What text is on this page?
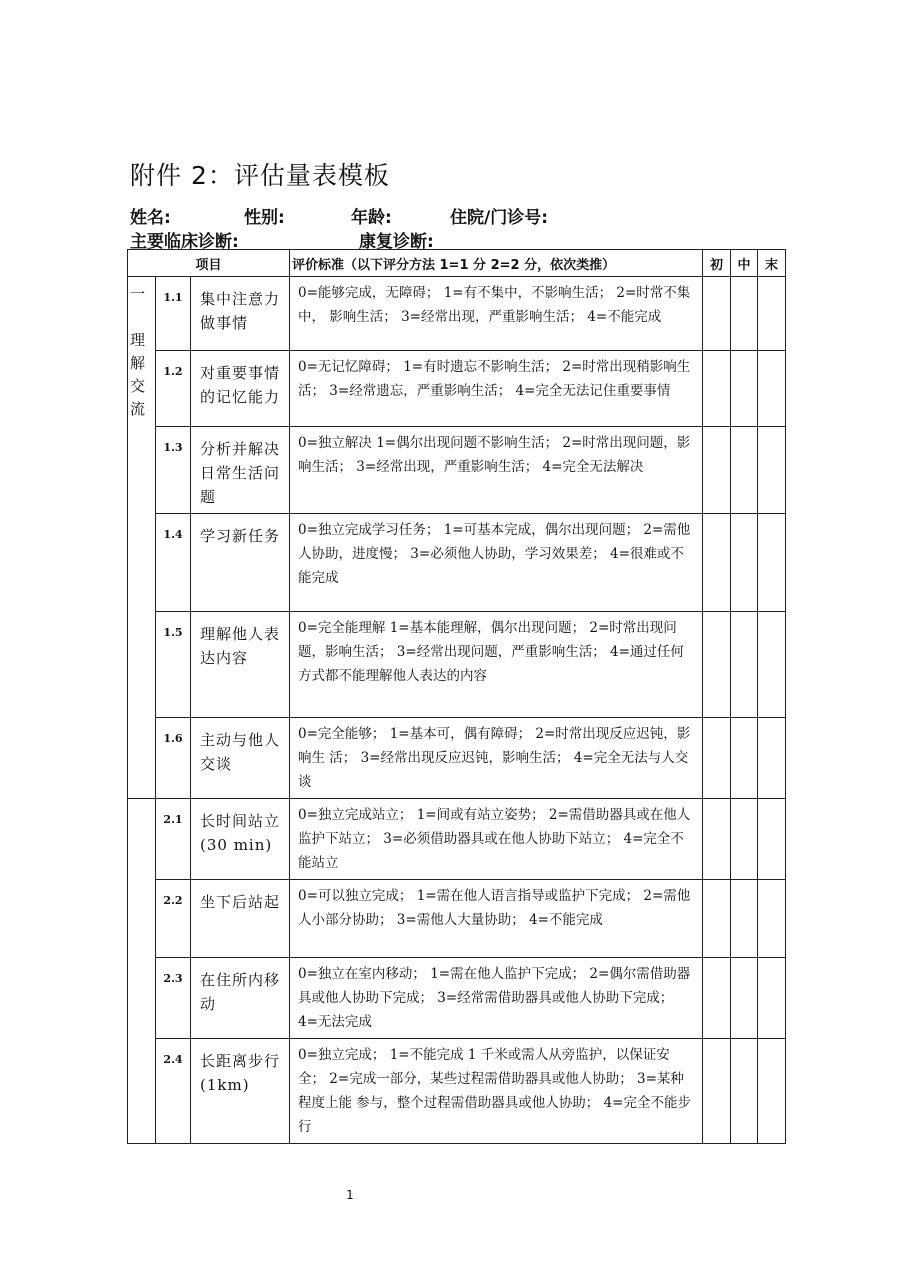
附件 2：评估量表模板
姓名:	性别:	年龄:	住院/门诊号:
主要临床诊断:	康复诊断:
项目			评价标准（以下评分方法 1=1 分 2=2 分，依次类推）	初	中	末
一

理
解
交
流	1.1	集中注意力做事情	0=能够完成，无障碍； 1=有不集中，不影响生活； 2=时常不集中， 影响生活； 3=经常出现，严重影响生活； 4=不能完成			
	1.2	对重要事情的记忆能力	0=无记忆障碍； 1=有时遗忘不影响生活； 2=时常出现稍影响生活； 3=经常遗忘，严重影响生活； 4=完全无法记住重要事情			
	1.3	分析并解决日常生活问题	0=独立解决 1=偶尔出现问题不影响生活； 2=时常出现问题，影响生活； 3=经常出现，严重影响生活； 4=完全无法解决			
	1.4	学习新任务	0=独立完成学习任务； 1=可基本完成，偶尔出现问题； 2=需他人协助，进度慢； 3=必须他人协助，学习效果差； 4=很难或不能完成			
	1.5	理解他人表达内容	0=完全能理解 1=基本能理解，偶尔出现问题； 2=时常出现问题，影响生活； 3=经常出现问题，严重影响生活； 4=通过任何方式都不能理解他人表达的内容			
	1.6	主动与他人交谈	0=完全能够； 1=基本可，偶有障碍； 2=时常出现反应迟钝，影响生 活； 3=经常出现反应迟钝，影响生活； 4=完全无法与人交谈			
	2.1	长时间站立 (30 min)	0=独立完成站立； 1=间或有站立姿势； 2=需借助器具或在他人监护下站立； 3=必须借助器具或在他人协助下站立； 4=完全不能站立			
	2.2	坐下后站起	0=可以独立完成； 1=需在他人语言指导或监护下完成； 2=需他人小部分协助； 3=需他人大量协助； 4=不能完成			
	2.3	在住所内移动	0=独立在室内移动； 1=需在他人监护下完成； 2=偶尔需借助器具或他人协助下完成； 3=经常需借助器具或他人协助下完成； 4=无法完成			
	2.4	长距离步行 (1km)	0=独立完成； 1=不能完成 1 千米或需人从旁监护，以保证安全； 2=完成一部分，某些过程需借助器具或他人协助； 3=某种程度上能 参与，整个过程需借助器具或他人协助； 4=完全不能步行			
1
